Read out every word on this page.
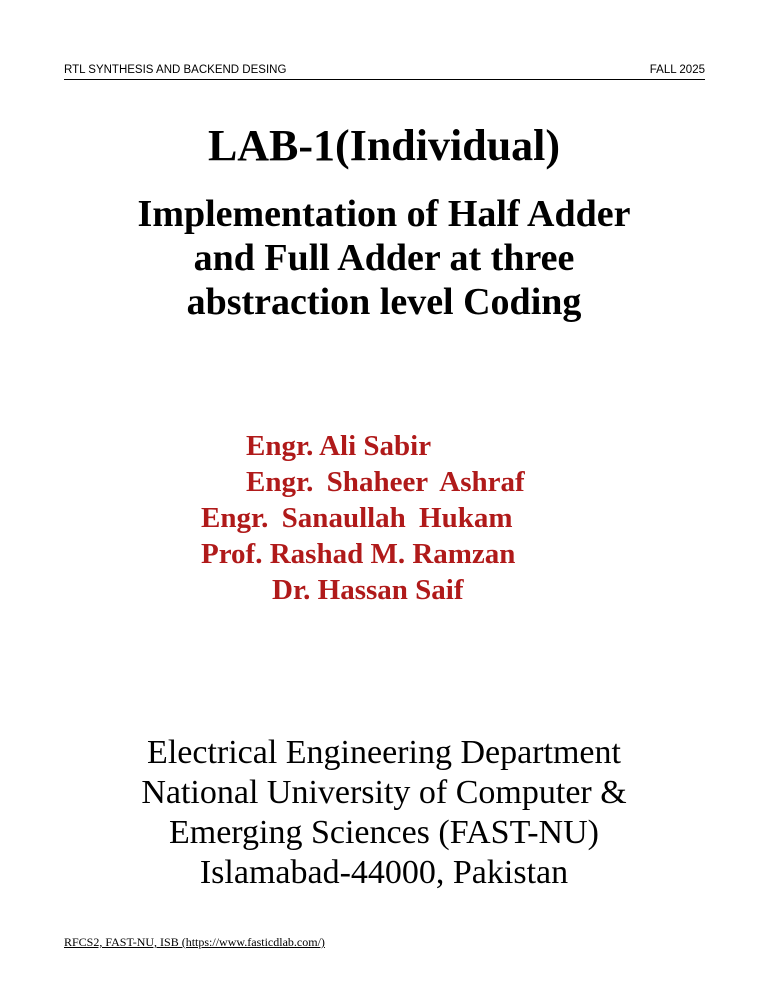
RTL SYNTHESIS AND BACKEND DESING	FALL 2025
LAB-1(Individual)
Implementation of Half Adder
and Full Adder at three
abstraction level Coding
Engr. Ali Sabir
Engr. Shaheer Ashraf
Engr. Sanaullah Hukam
Prof. Rashad M. Ramzan
Dr. Hassan Saif
Electrical Engineering Department
National University of Computer &
Emerging Sciences (FAST-NU)
Islamabad-44000, Pakistan
RFCS2, FAST-NU, ISB (https://www.fasticdlab.com/)
